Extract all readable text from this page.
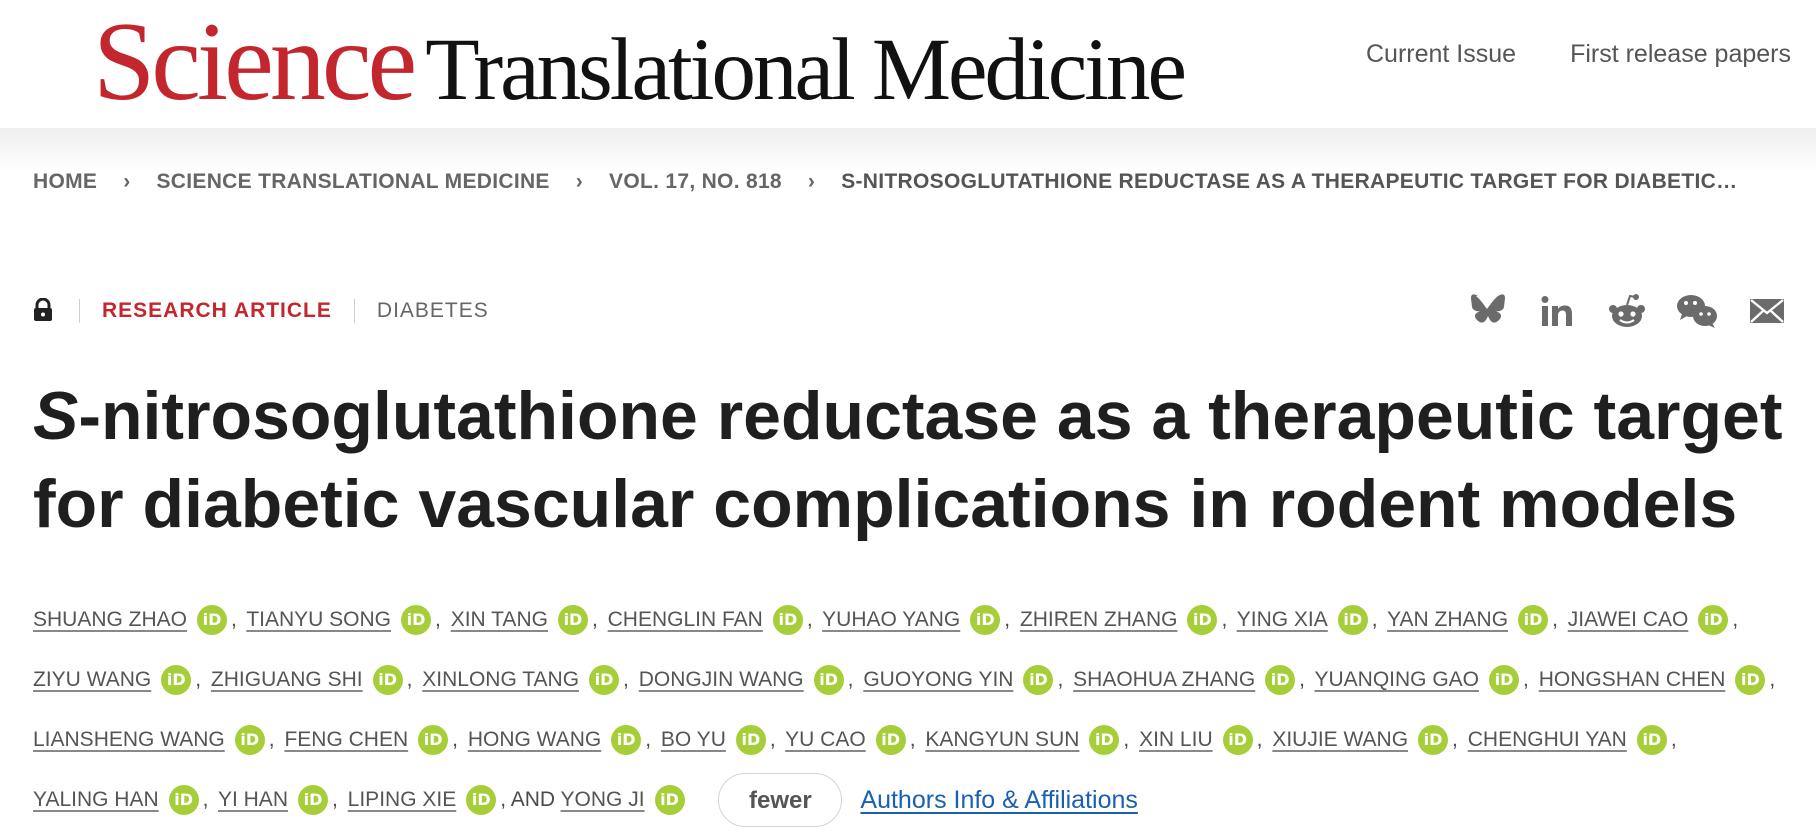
Science Translational Medicine	Current Issue First release papers
HOME › SCIENCE TRANSLATIONAL MEDICINE › VOL. 17, NO. 818 › S-NITROSOGLUTATHIONE REDUCTASE AS A THERAPEUTIC TARGET FOR DIABETIC…
RESEARCH ARTICLE DIABETES
S-nitrosoglutathione reductase as a therapeutic target
for diabetic vascular complications in rodent models
SHUANG ZHAO iD , TIANYU SONG iD , XIN TANG iD , CHENGLIN FAN iD , YUHAO YANG iD , ZHIREN ZHANG iD , YING XIA iD , YAN ZHANG iD , JIAWEI CAO iD , ZIYU WANG iD , ZHIGUANG SHI iD , XINLONG TANG iD , DONGJIN WANG iD , GUOYONG YIN iD , SHAOHUA ZHANG iD , YUANQING GAO iD , HONGSHAN CHEN iD , LIANSHENG WANG iD , FENG CHEN iD , HONG WANG iD , BO YU iD , YU CAO iD , KANGYUN SUN iD , XIN LIU iD , XIUJIE WANG iD , CHENGHUI YAN iD , YALING HAN iD , YI HAN iD , LIPING XIE iD , AND YONG JI iD	fewer Authors Info & Affiliations
